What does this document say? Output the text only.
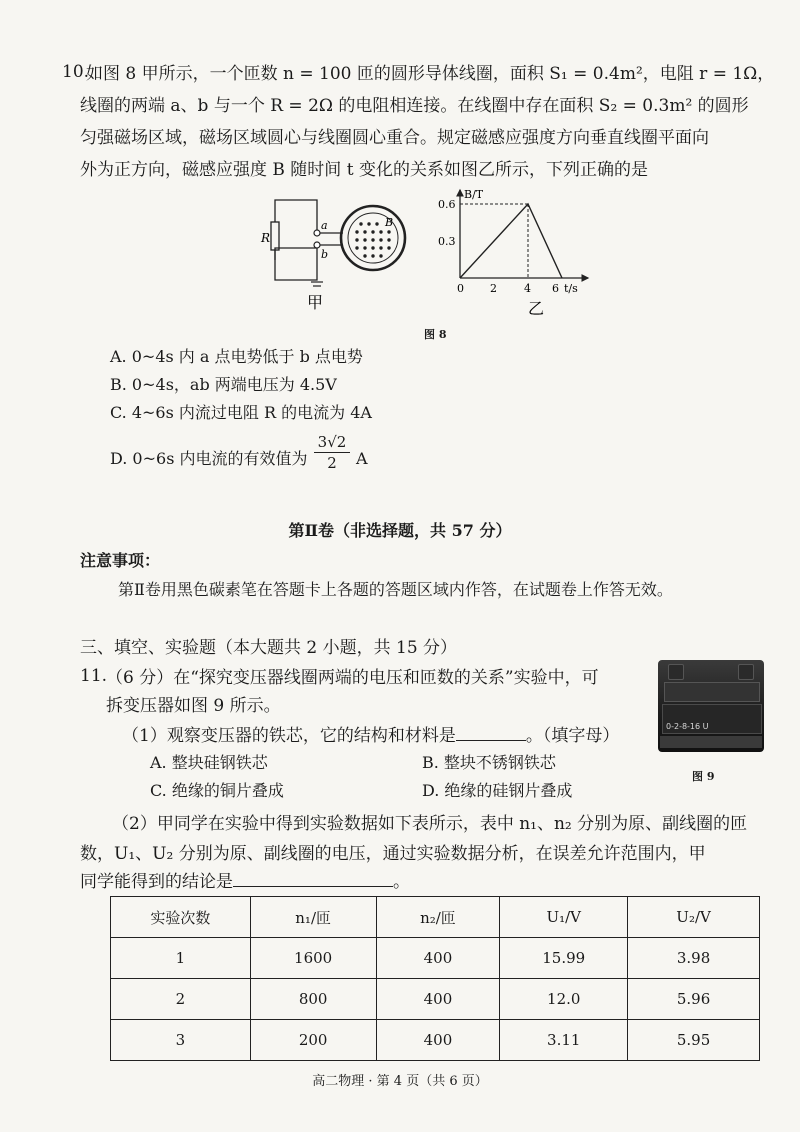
10.
如图 8 甲所示，一个匝数 n = 100 匝的圆形导体线圈，面积 S₁ = 0.4m²，电阻 r = 1Ω，
线圈的两端 a、b 与一个 R = 2Ω 的电阻相连接。在线圈中存在面积 S₂ = 0.3m² 的圆形
匀强磁场区域，磁场区域圆心与线圈圆心重合。规定磁感应强度方向垂直线圈平面向
外为正方向，磁感应强度 B 随时间 t 变化的关系如图乙所示，下列正确的是
R
a
b
B
甲
B/T
t/s
0.6
0.3
0 2 4 6
乙
图 8
A. 0~4s 内 a 点电势低于 b 点电势
B. 0~4s，ab 两端电压为 4.5V
C. 4~6s 内流过电阻 R 的电流为 4A
D. 0~6s 内电流的有效值为 $\frac{3√2}{2}$ A
第Ⅱ卷（非选择题，共 57 分）
注意事项：
第Ⅱ卷用黑色碳素笔在答题卡上各题的答题区域内作答，在试题卷上作答无效。
三、填空、实验题（本大题共 2 小题，共 15 分）
11.
（6 分）在“探究变压器线圈两端的电压和匝数的关系”实验中，可
拆变压器如图 9 所示。
（1）观察变压器的铁芯，它的结构和材料是	。（填字母）
A. 整块硅钢铁芯	B. 整块不锈钢铁芯
C. 绝缘的铜片叠成	D. 绝缘的硅钢片叠成
0-2-8-16 U
图 9
（2）甲同学在实验中得到实验数据如下表所示，表中 n₁、n₂ 分别为原、副线圈的匝
数，U₁、U₂ 分别为原、副线圈的电压，通过实验数据分析，在误差允许范围内，甲
同学能得到的结论是	。
实验次数	n₁/匝	n₂/匝	U₁/V	U₂/V
1	1600	400	15.99	3.98
2	800	400	12.0	5.96
3	200	400	3.11	5.95
高二物理 · 第 4 页（共 6 页）
